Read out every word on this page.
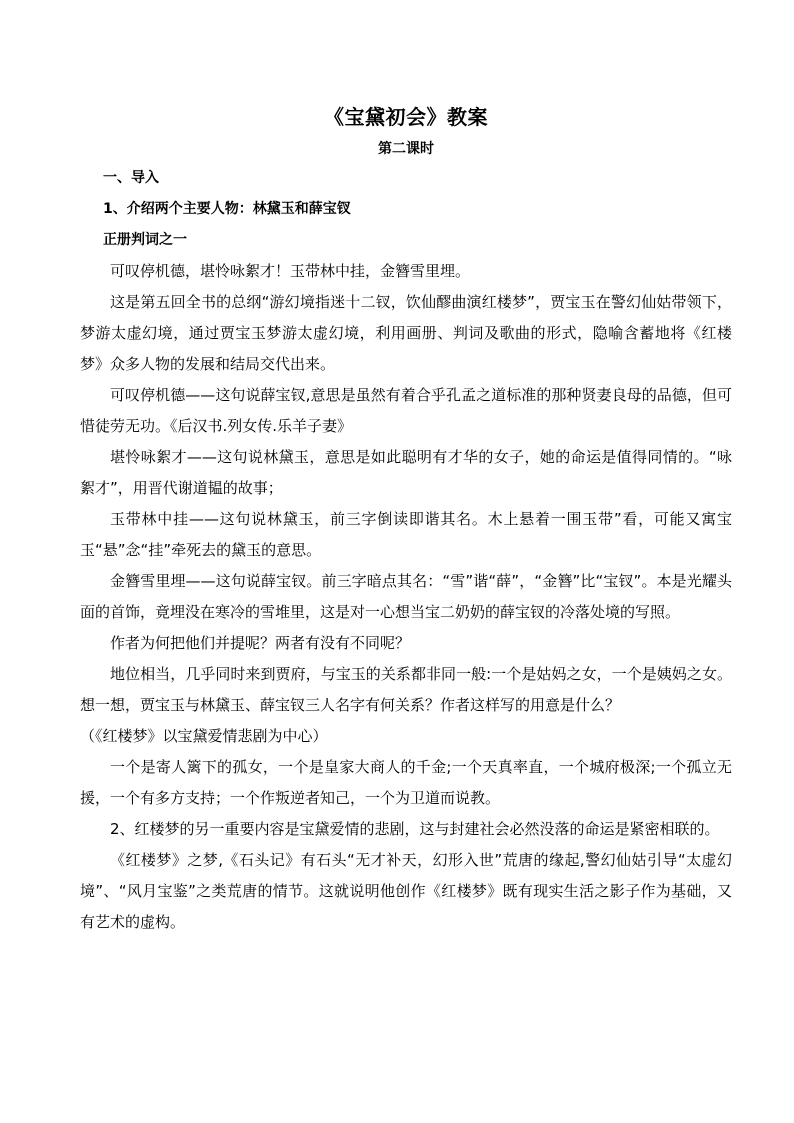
《宝黛初会》教案

第二课时

一、导入

1、介绍两个主要人物：林黛玉和薛宝钗

正册判词之一

可叹停机德，堪怜咏絮才！玉带林中挂，金簪雪里埋。

这是第五回全书的总纲“游幻境指迷十二钗，饮仙醪曲演红楼梦”，贾宝玉在警幻仙姑带领下，梦游太虚幻境，通过贾宝玉梦游太虚幻境，利用画册、判词及歌曲的形式，隐喻含蓄地将《红楼梦》众多人物的发展和结局交代出来。

可叹停机德——这句说薛宝钗,意思是虽然有着合乎孔孟之道标准的那种贤妻良母的品德，但可惜徒劳无功。《后汉书.列女传.乐羊子妻》

堪怜咏絮才——这句说林黛玉，意思是如此聪明有才华的女子，她的命运是值得同情的。“咏絮才”，用晋代谢道韫的故事；

玉带林中挂——这句说林黛玉，前三字倒读即谐其名。木上悬着一围玉带”看，可能又寓宝玉“悬”念“挂”牵死去的黛玉的意思。

金簪雪里埋——这句说薛宝钗。前三字暗点其名：“雪”谐“薛”，“金簪”比“宝钗”。本是光耀头面的首饰，竟埋没在寒冷的雪堆里，这是对一心想当宝二奶奶的薛宝钗的冷落处境的写照。

作者为何把他们并提呢？两者有没有不同呢？

地位相当，几乎同时来到贾府，与宝玉的关系都非同一般:一个是姑妈之女，一个是姨妈之女。想一想，贾宝玉与林黛玉、薛宝钗三人名字有何关系？作者这样写的用意是什么？

（《红楼梦》以宝黛爱情悲剧为中心）

一个是寄人篱下的孤女，一个是皇家大商人的千金;一个天真率直，一个城府极深;一个孤立无援，一个有多方支持；一个作叛逆者知己，一个为卫道而说教。

2、红楼梦的另一重要内容是宝黛爱情的悲剧，这与封建社会必然没落的命运是紧密相联的。

《红楼梦》之梦,《石头记》有石头“无才补天，幻形入世”荒唐的缘起,警幻仙姑引导“太虚幻境”、“风月宝鉴”之类荒唐的情节。这就说明他创作《红楼梦》既有现实生活之影子作为基础，又有艺术的虚构。
